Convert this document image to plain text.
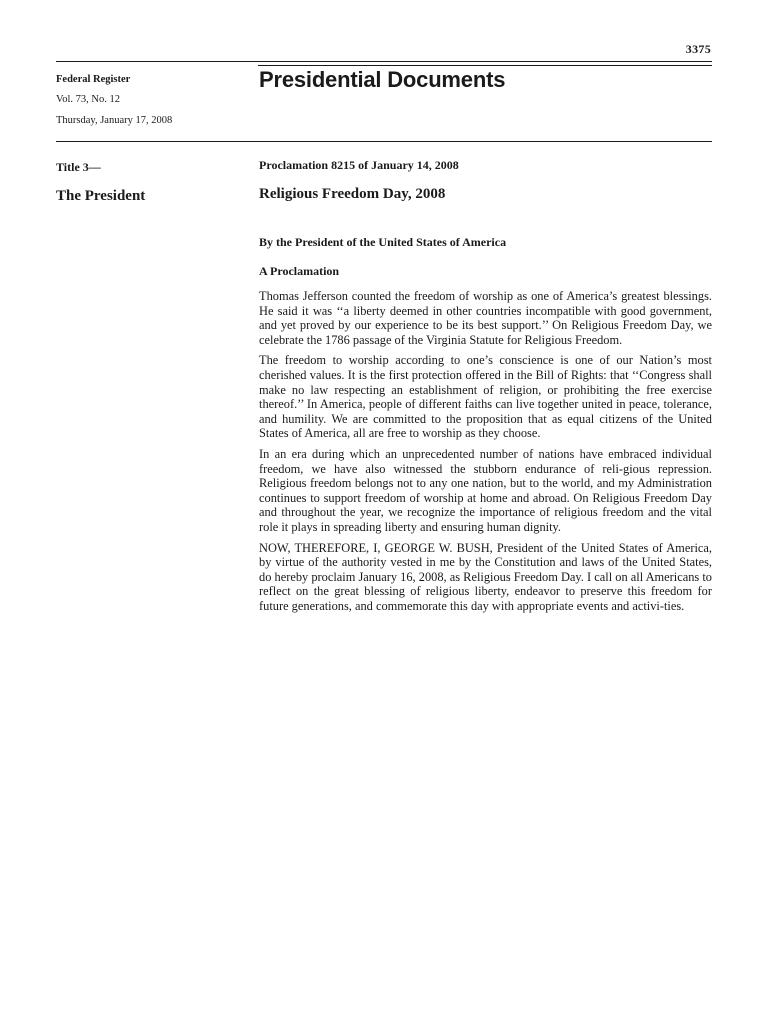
3375
Federal Register
Vol. 73, No. 12
Thursday, January 17, 2008
Presidential Documents
Title 3—
The President
Proclamation 8215 of January 14, 2008
Religious Freedom Day, 2008
By the President of the United States of America
A Proclamation

Thomas Jefferson counted the freedom of worship as one of America’s greatest blessings. He said it was ‘‘a liberty deemed in other countries incompatible with good government, and yet proved by our experience to be its best support.’’ On Religious Freedom Day, we celebrate the 1786 passage of the Virginia Statute for Religious Freedom.

The freedom to worship according to one’s conscience is one of our Nation’s most cherished values. It is the first protection offered in the Bill of Rights: that ‘‘Congress shall make no law respecting an establishment of religion, or prohibiting the free exercise thereof.’’ In America, people of different faiths can live together united in peace, tolerance, and humility. We are committed to the proposition that as equal citizens of the United States of America, all are free to worship as they choose.

In an era during which an unprecedented number of nations have embraced individual freedom, we have also witnessed the stubborn endurance of reli-gious repression. Religious freedom belongs not to any one nation, but to the world, and my Administration continues to support freedom of worship at home and abroad. On Religious Freedom Day and throughout the year, we recognize the importance of religious freedom and the vital role it plays in spreading liberty and ensuring human dignity.

NOW, THEREFORE, I, GEORGE W. BUSH, President of the United States of America, by virtue of the authority vested in me by the Constitution and laws of the United States, do hereby proclaim January 16, 2008, as Religious Freedom Day. I call on all Americans to reflect on the great blessing of religious liberty, endeavor to preserve this freedom for future generations, and commemorate this day with appropriate events and activi-ties.
